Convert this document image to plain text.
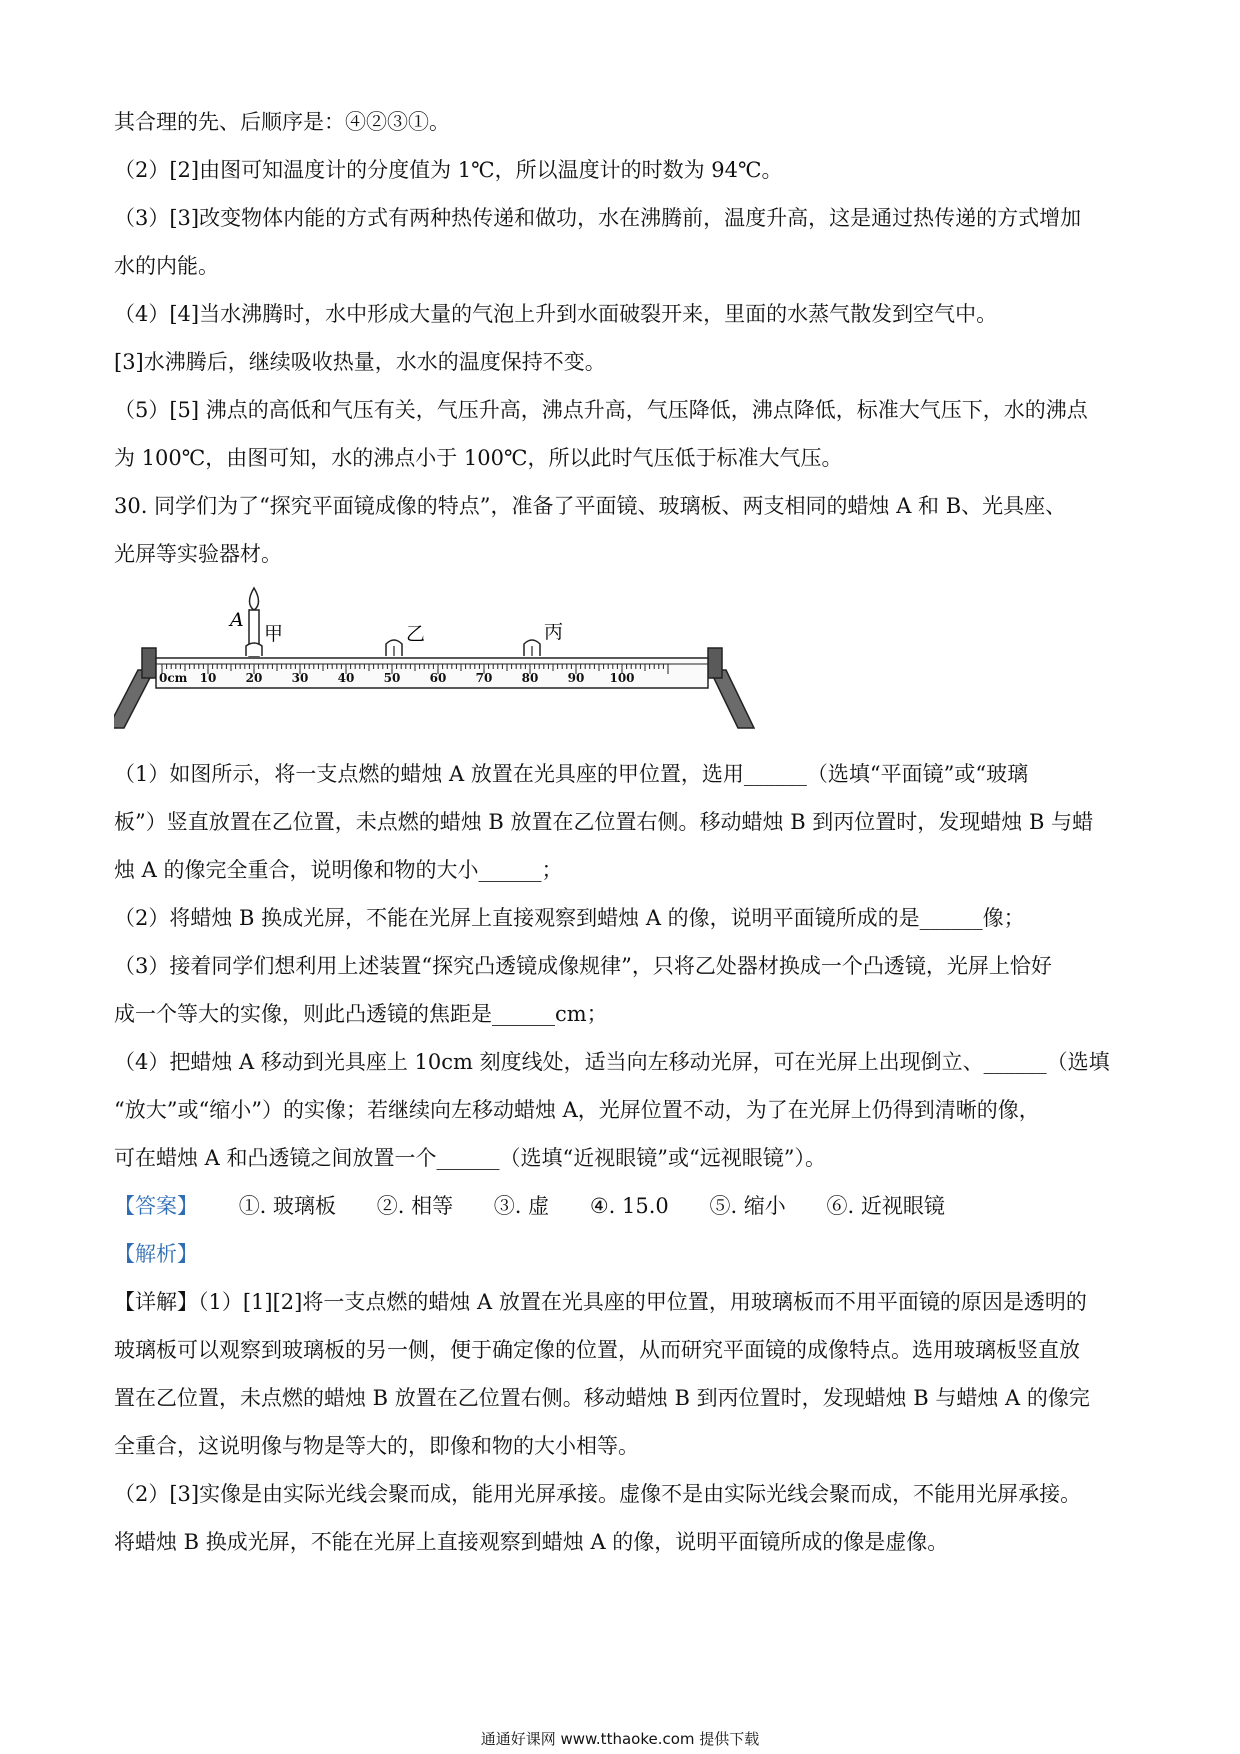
其合理的先、后顺序是：④②③①。
（2）[2]由图可知温度计的分度值为 1℃，所以温度计的时数为 94℃。
（3）[3]改变物体内能的方式有两种热传递和做功，水在沸腾前，温度升高，这是通过热传递的方式增加
水的内能。
（4）[4]当水沸腾时，水中形成大量的气泡上升到水面破裂开来，里面的水蒸气散发到空气中。
[3]水沸腾后，继续吸收热量，水水的温度保持不变。
（5）[5] 沸点的高低和气压有关，气压升高，沸点升高，气压降低，沸点降低，标准大气压下，水的沸点
为 100℃，由图可知，水的沸点小于 100℃，所以此时气压低于标准大气压。
30. 同学们为了“探究平面镜成像的特点”，准备了平面镜、玻璃板、两支相同的蜡烛 A 和 B、光具座、
光屏等实验器材。
0cm 10 20 30 40 50 60 70 80 90 100
A
甲	乙	丙
（1）如图所示，将一支点燃的蜡烛 A 放置在光具座的甲位置，选用______（选填“平面镜”或“玻璃
板”）竖直放置在乙位置，未点燃的蜡烛 B 放置在乙位置右侧。移动蜡烛 B 到丙位置时，发现蜡烛 B 与蜡
烛 A 的像完全重合，说明像和物的大小______；
（2）将蜡烛 B 换成光屏，不能在光屏上直接观察到蜡烛 A 的像，说明平面镜所成的是______像；
（3）接着同学们想利用上述装置“探究凸透镜成像规律”，只将乙处器材换成一个凸透镜，光屏上恰好
成一个等大的实像，则此凸透镜的焦距是______cm；
（4）把蜡烛 A 移动到光具座上 10cm 刻度线处，适当向左移动光屏，可在光屏上出现倒立、______（选填
“放大”或“缩小”）的实像；若继续向左移动蜡烛 A，光屏位置不动，为了在光屏上仍得到清晰的像，
可在蜡烛 A 和凸透镜之间放置一个______（选填“近视眼镜”或“远视眼镜”）。
【答案】 ①. 玻璃板 ②. 相等 ③. 虚 ④. 15.0 ⑤. 缩小 ⑥. 近视眼镜
【解析】
【详解】（1）[1][2]将一支点燃的蜡烛 A 放置在光具座的甲位置，用玻璃板而不用平面镜的原因是透明的
玻璃板可以观察到玻璃板的另一侧，便于确定像的位置，从而研究平面镜的成像特点。选用玻璃板竖直放
置在乙位置，未点燃的蜡烛 B 放置在乙位置右侧。移动蜡烛 B 到丙位置时，发现蜡烛 B 与蜡烛 A 的像完
全重合，这说明像与物是等大的，即像和物的大小相等。
（2）[3]实像是由实际光线会聚而成，能用光屏承接。虚像不是由实际光线会聚而成，不能用光屏承接。
将蜡烛 B 换成光屏，不能在光屏上直接观察到蜡烛 A 的像，说明平面镜所成的像是虚像。
通通好课网 www.tthaoke.com 提供下载
